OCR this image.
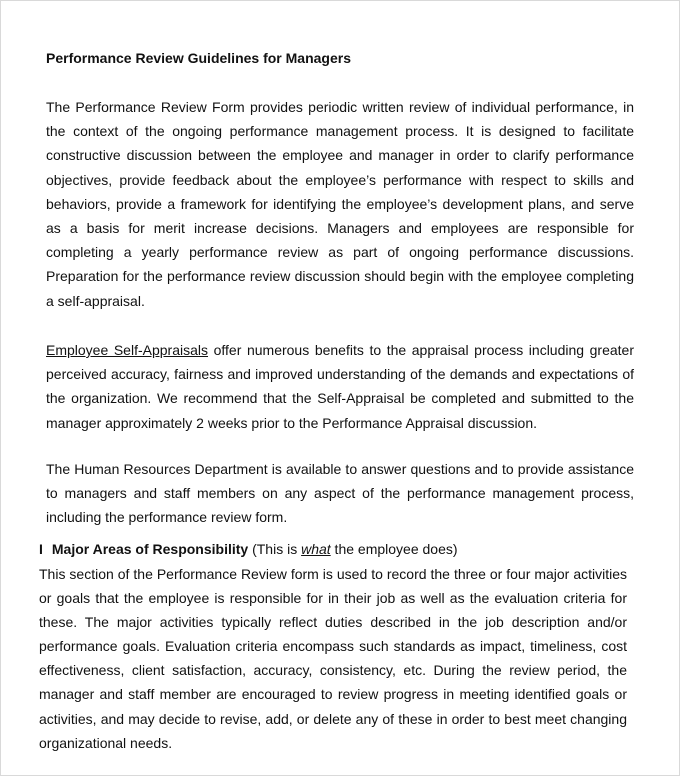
Performance Review Guidelines for Managers

The Performance Review Form provides periodic written review of individual performance, in
the context of the ongoing performance management process. It is designed to facilitate
constructive discussion between the employee and manager in order to clarify performance
objectives, provide feedback about the employee’s performance with respect to skills and
behaviors, provide a framework for identifying the employee’s development plans, and serve
as a basis for merit increase decisions. Managers and employees are responsible for
completing a yearly performance review as part of ongoing performance discussions.
Preparation for the performance review discussion should begin with the employee completing
a self-appraisal.

Employee Self-Appraisals offer numerous benefits to the appraisal process including greater
perceived accuracy, fairness and improved understanding of the demands and expectations of
the organization. We recommend that the Self-Appraisal be completed and submitted to the
manager approximately 2 weeks prior to the Performance Appraisal discussion.

The Human Resources Department is available to answer questions and to provide assistance
to managers and staff members on any aspect of the performance management process,
including the performance review form.

I Major Areas of Responsibility (This is what the employee does)

This section of the Performance Review form is used to record the three or four major activities
or goals that the employee is responsible for in their job as well as the evaluation criteria for
these. The major activities typically reflect duties described in the job description and/or
performance goals. Evaluation criteria encompass such standards as impact, timeliness, cost
effectiveness, client satisfaction, accuracy, consistency, etc. During the review period, the
manager and staff member are encouraged to review progress in meeting identified goals or
activities, and may decide to revise, add, or delete any of these in order to best meet changing
organizational needs.
